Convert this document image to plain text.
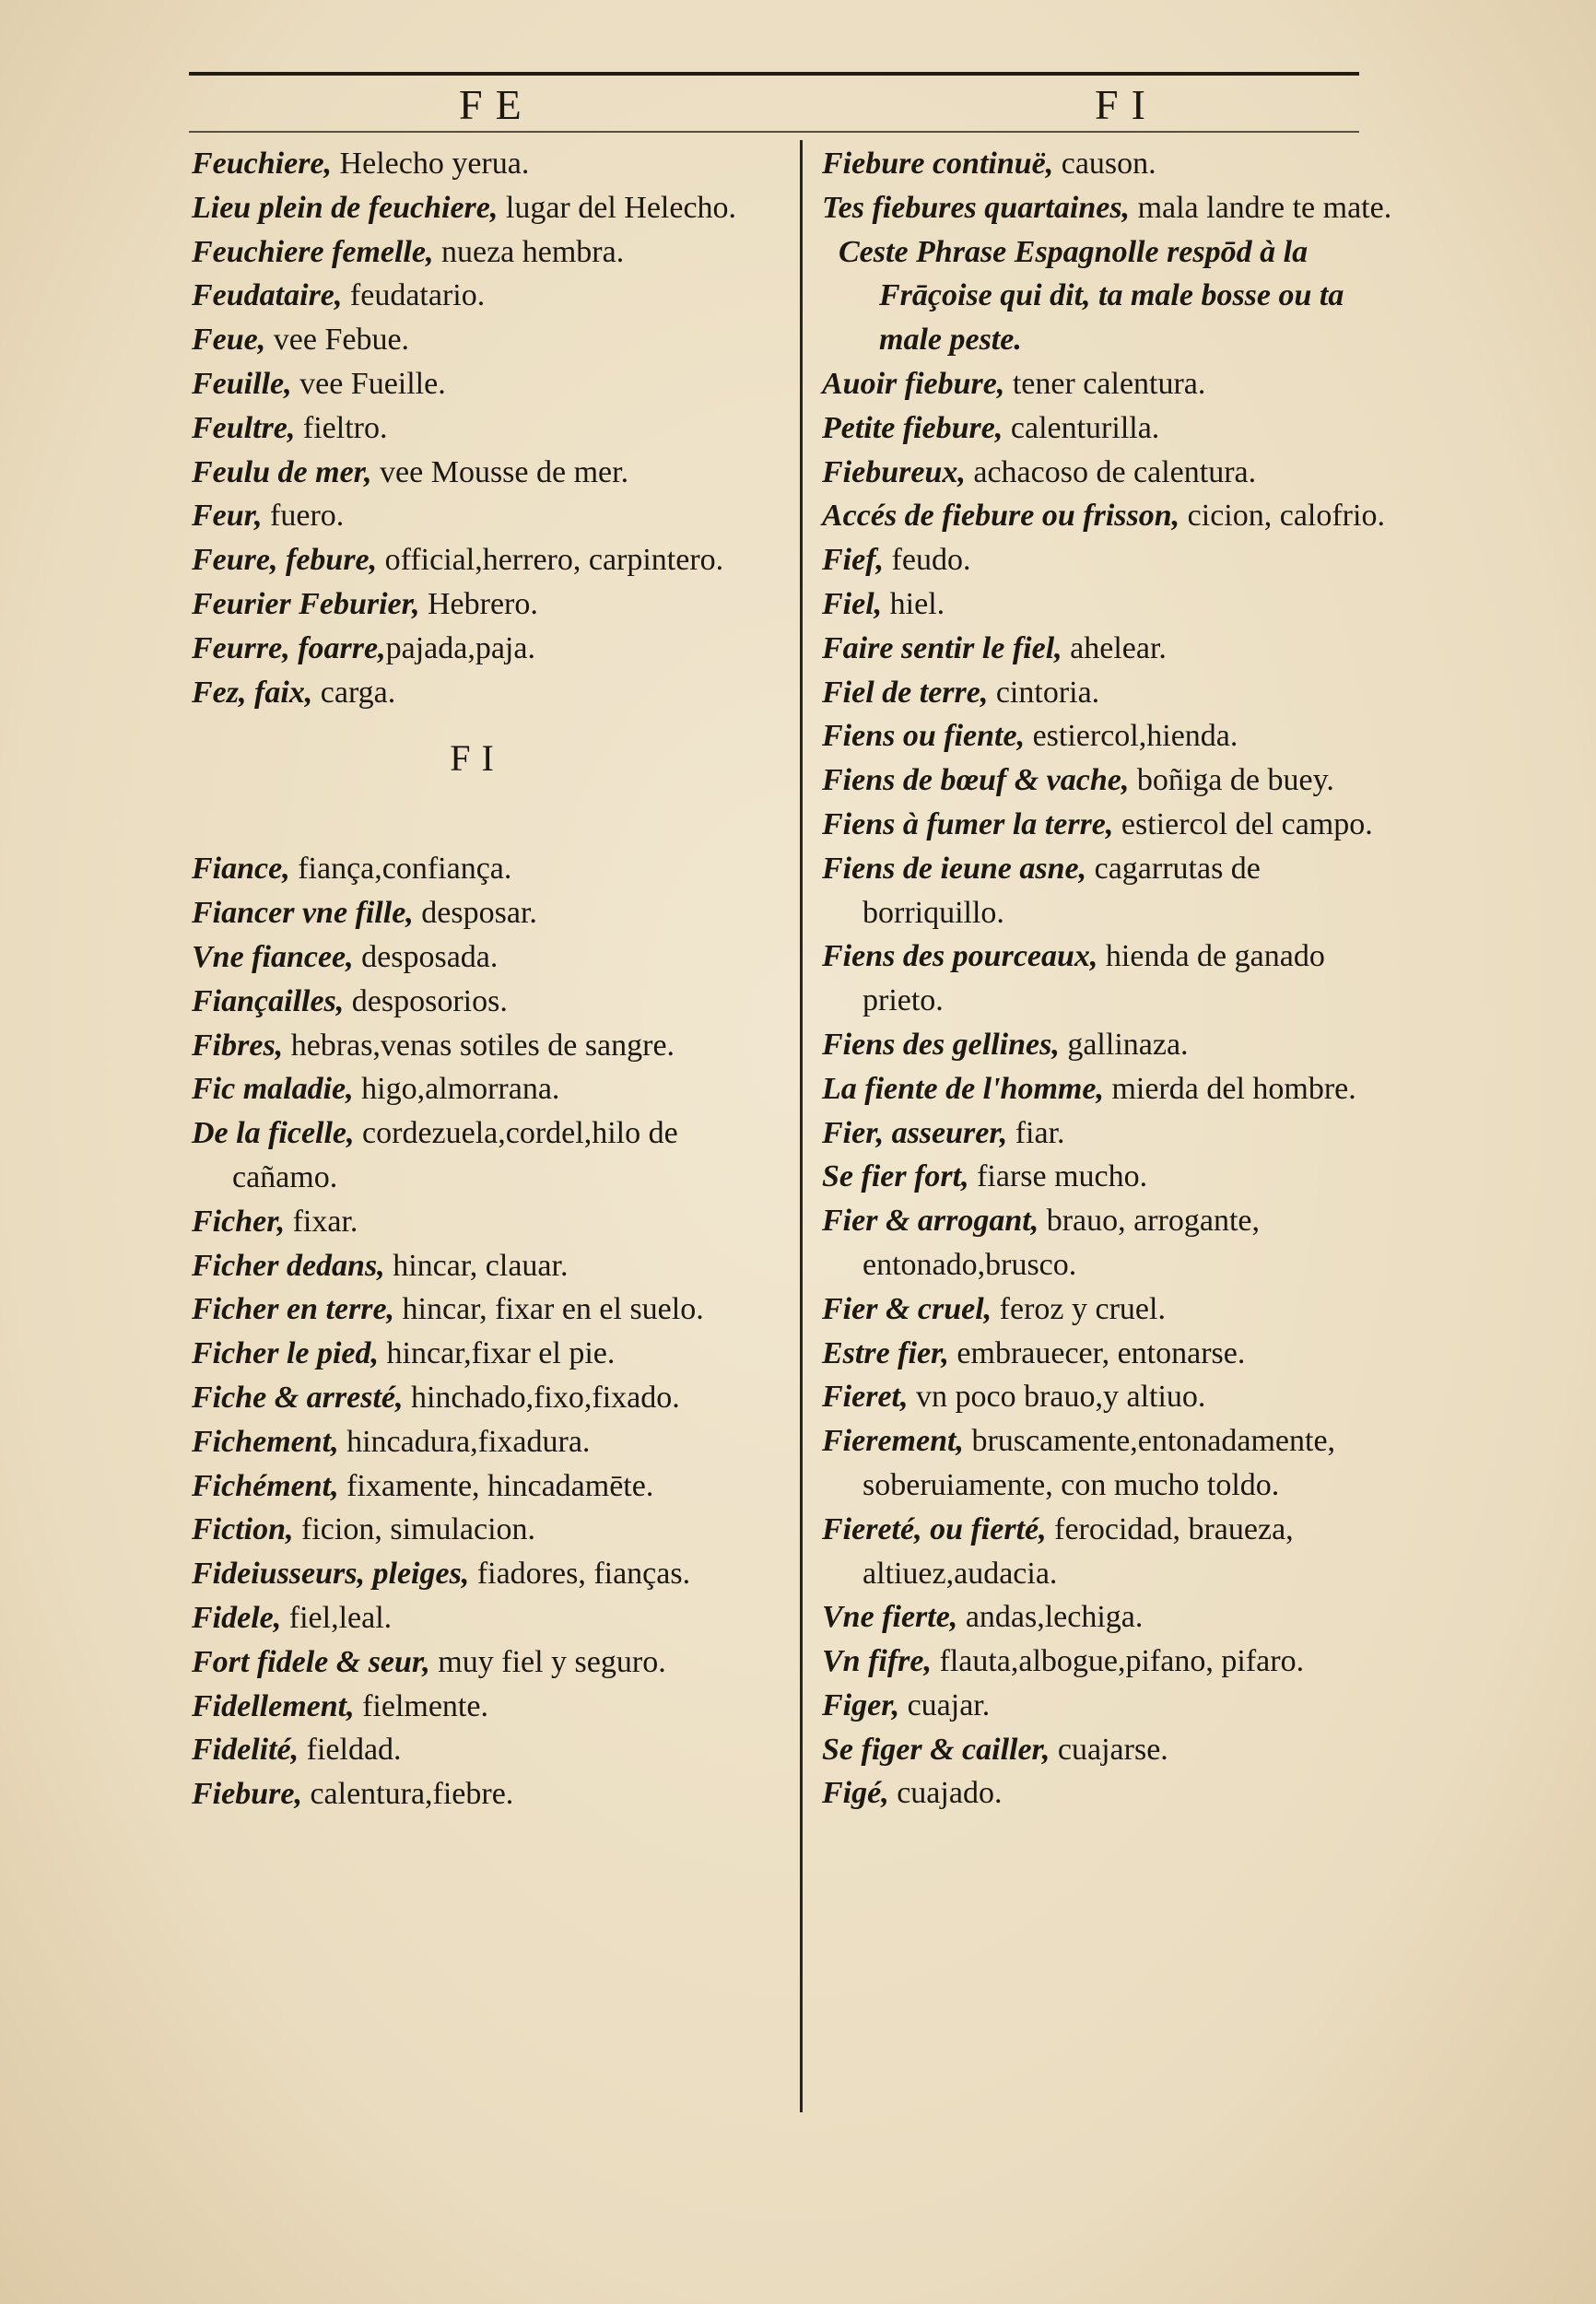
FE	FI
Feuchiere, Helecho yerua.
Lieu plein de feuchiere, lugar del Helecho.
Feuchiere femelle, nueza hembra.
Feudataire, feudatario.
Feue, vee Febue.
Feuille, vee Fueille.
Feultre, fieltro.
Feulu de mer, vee Mousse de mer.
Feur, fuero.
Feure, febure, official,herrero, carpintero.
Feurier Feburier, Hebrero.
Feurre, foarre,pajada,paja.
Fez, faix, carga.
FI
Fiance, fiança,confiança.
Fiancer vne fille, desposar.
Vne fiancee, desposada.
Fiançailles, desposorios.
Fibres, hebras,venas sotiles de sangre.
Fic maladie, higo,almorrana.
De la ficelle, cordezuela,cordel,hilo de cañamo.
Ficher, fixar.
Ficher dedans, hincar, clauar.
Ficher en terre, hincar, fixar en el suelo.
Ficher le pied, hincar,fixar el pie.
Fiche & arresté, hinchado,fixo,fixado.
Fichement, hincadura,fixadura.
Fichément, fixamente, hincadamēte.
Fiction, ficion, simulacion.
Fideiusseurs, pleiges, fiadores, fianças.
Fidele, fiel,leal.
Fort fidele & seur, muy fiel y seguro.
Fidellement, fielmente.
Fidelité, fieldad.
Fiebure, calentura,fiebre.
Fiebure continuë, causon.
Tes fiebures quartaines, mala landre te mate.
Ceste Phrase Espagnolle respōd à la Frāçoise qui dit, ta male bosse ou ta male peste.
Auoir fiebure, tener calentura.
Petite fiebure, calenturilla.
Fiebureux, achacoso de calentura.
Accés de fiebure ou frisson, cicion, calofrio.
Fief, feudo.
Fiel, hiel.
Faire sentir le fiel, ahelear.
Fiel de terre, cintoria.
Fiens ou fiente, estiercol,hienda.
Fiens de bœuf & vache, boñiga de buey.
Fiens à fumer la terre, estiercol del campo.
Fiens de ieune asne, cagarrutas de borriquillo.
Fiens des pourceaux, hienda de ganado prieto.
Fiens des gellines, gallinaza.
La fiente de l'homme, mierda del hombre.
Fier, asseurer, fiar.
Se fier fort, fiarse mucho.
Fier & arrogant, brauo, arrogante, entonado,brusco.
Fier & cruel, feroz y cruel.
Estre fier, embrauecer, entonarse.
Fieret, vn poco brauo,y altiuo.
Fierement, bruscamente,entonadamente, soberuiamente, con mucho toldo.
Fiereté, ou fierté, ferocidad, braueza, altiuez,audacia.
Vne fierte, andas,lechiga.
Vn fifre, flauta,albogue,pifano, pifaro.
Figer, cuajar.
Se figer & cailler, cuajarse.
Figé, cuajado.
